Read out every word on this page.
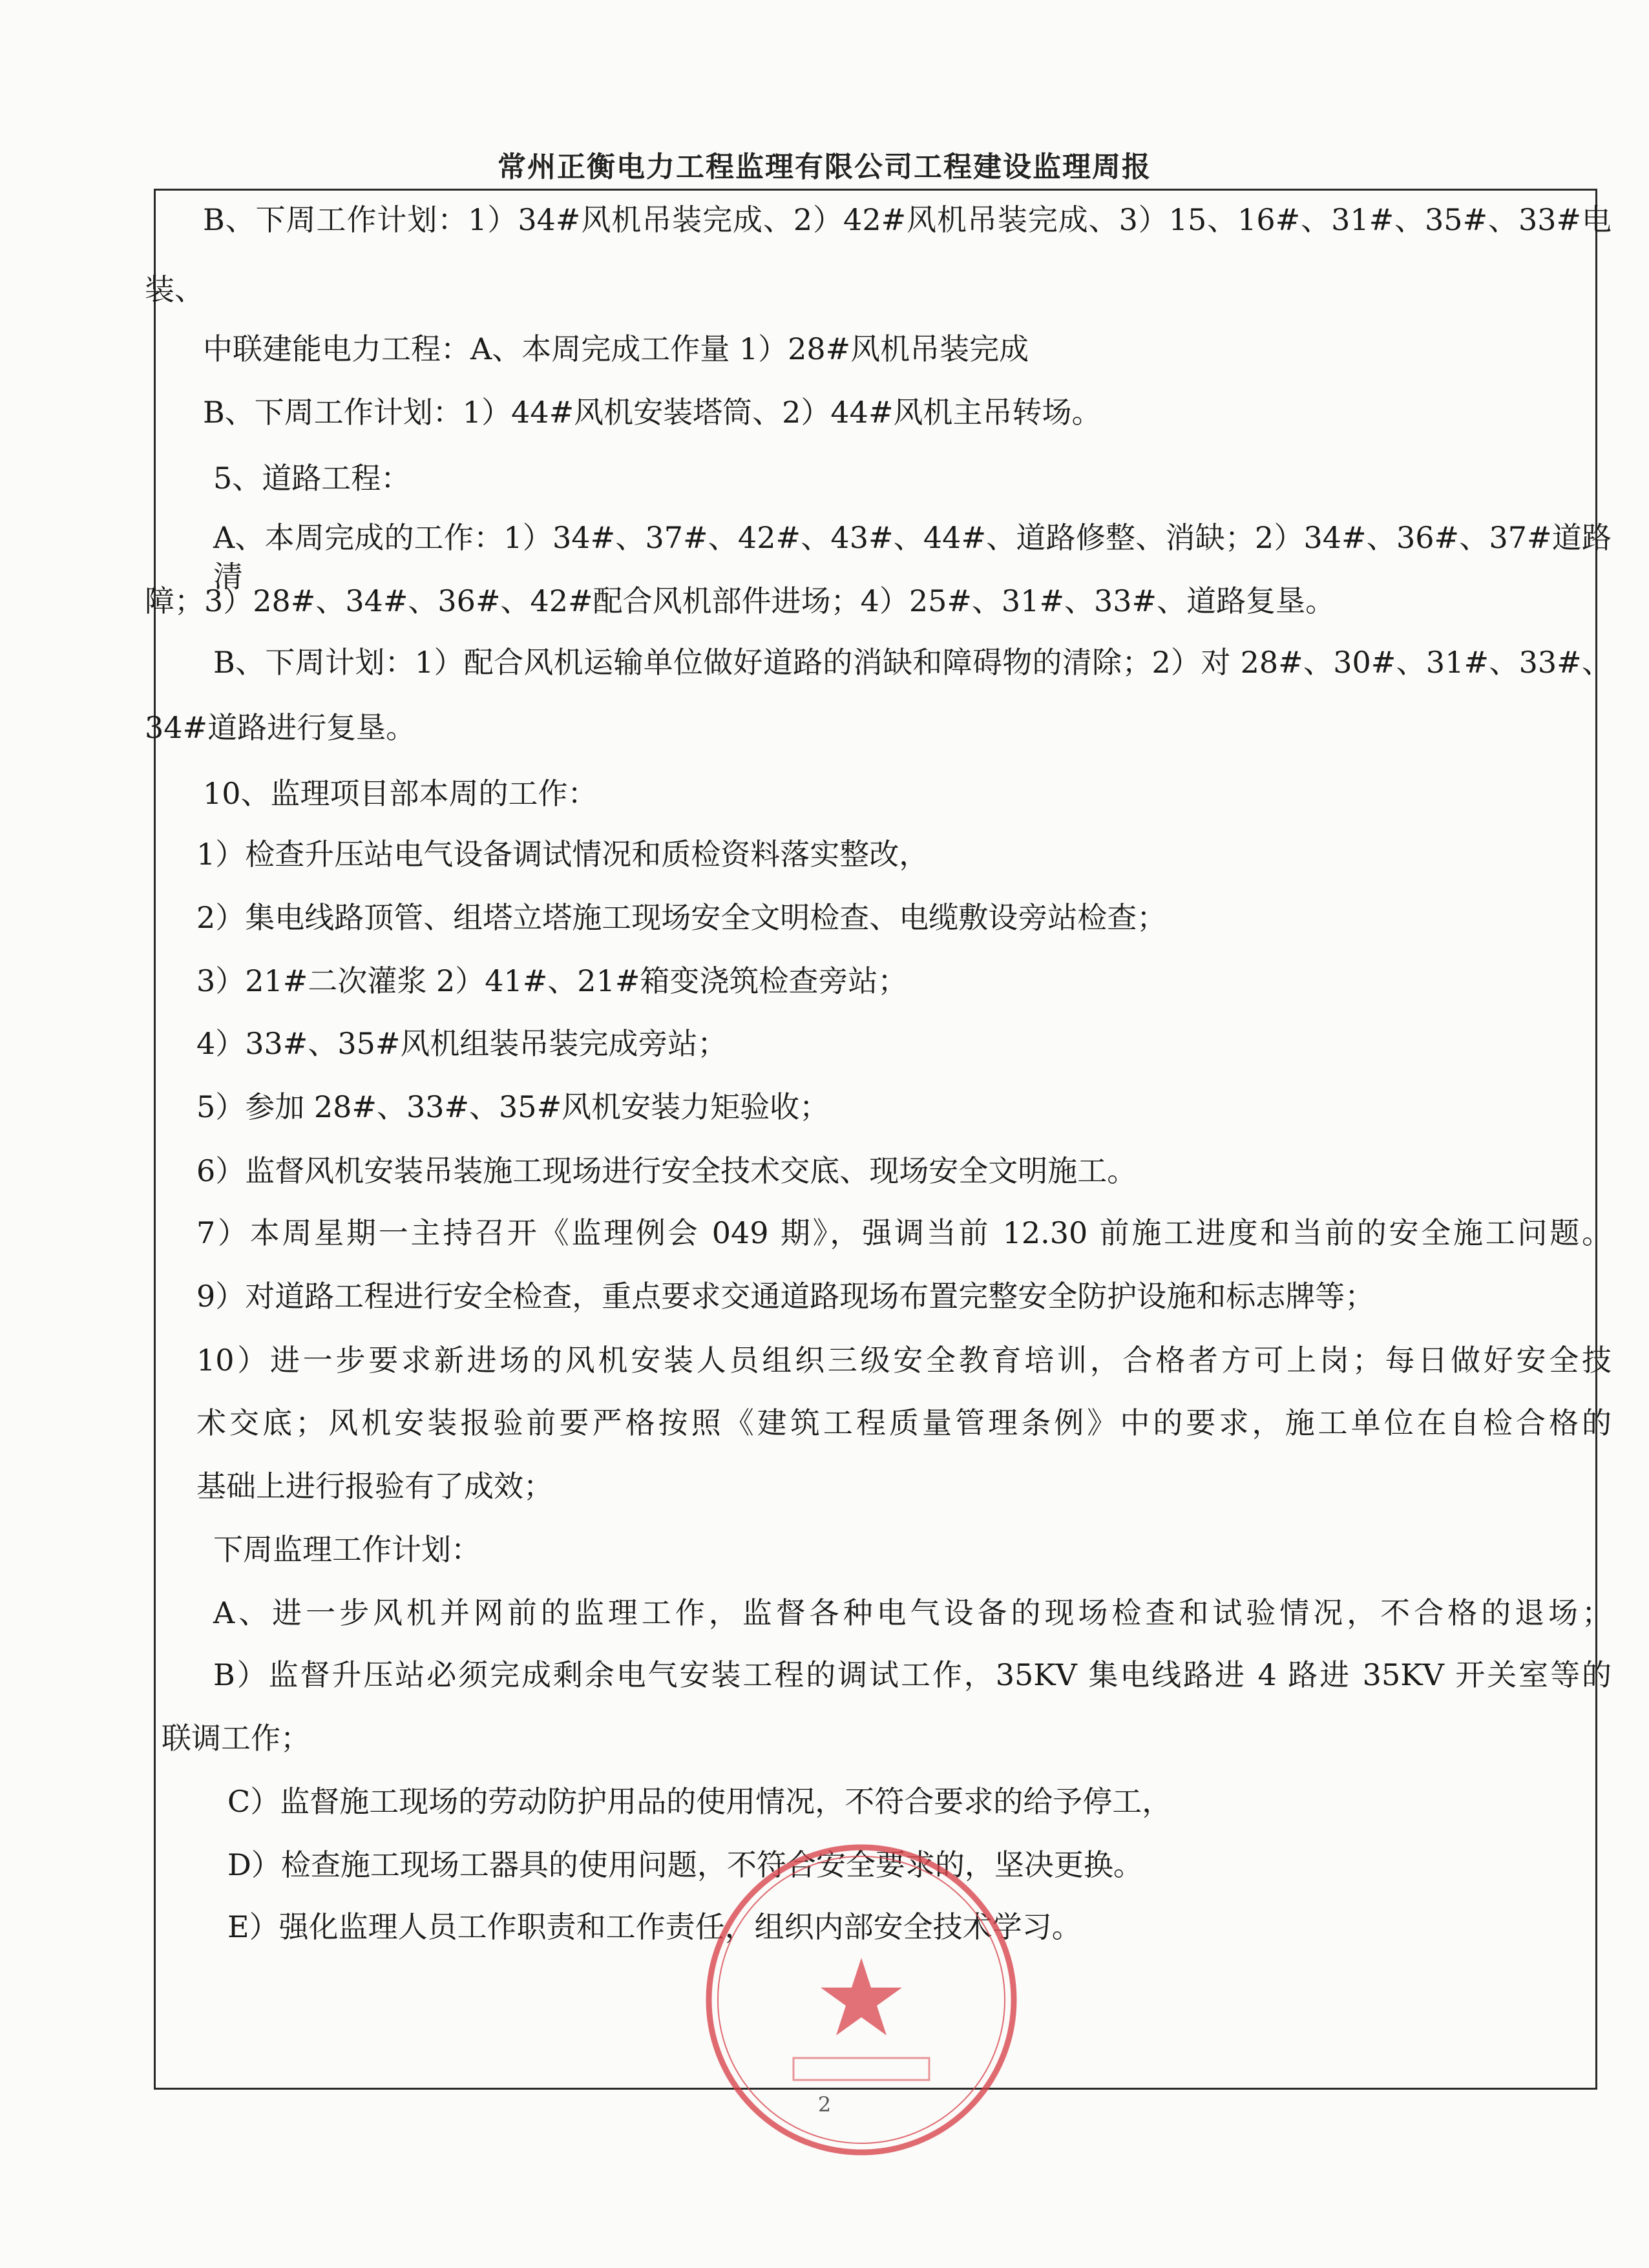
常州正衡电力工程监理有限公司工程建设监理周报
B、下周工作计划：1）34#风机吊装完成、2）42#风机吊装完成、3）15、16#、31#、35#、33#电
装、
中联建能电力工程：A、本周完成工作量 1）28#风机吊装完成
B、下周工作计划：1）44#风机安装塔筒、2）44#风机主吊转场。
5、道路工程：
A、本周完成的工作：1）34#、37#、42#、43#、44#、道路修整、消缺；2）34#、36#、37#道路清
障；3）28#、34#、36#、42#配合风机部件进场；4）25#、31#、33#、道路复垦。
B、下周计划：1）配合风机运输单位做好道路的消缺和障碍物的清除；2）对 28#、30#、31#、33#、
34#道路进行复垦。
10、监理项目部本周的工作：
1）检查升压站电气设备调试情况和质检资料落实整改，
2）集电线路顶管、组塔立塔施工现场安全文明检查、电缆敷设旁站检查；
3）21#二次灌浆 2）41#、21#箱变浇筑检查旁站；
4）33#、35#风机组装吊装完成旁站；
5）参加 28#、33#、35#风机安装力矩验收；
6）监督风机安装吊装施工现场进行安全技术交底、现场安全文明施工。
7）本周星期一主持召开《监理例会 049 期》，强调当前 12.30 前施工进度和当前的安全施工问题。
9）对道路工程进行安全检查，重点要求交通道路现场布置完整安全防护设施和标志牌等；
10）进一步要求新进场的风机安装人员组织三级安全教育培训，合格者方可上岗；每日做好安全技
术交底；风机安装报验前要严格按照《建筑工程质量管理条例》中的要求，施工单位在自检合格的
基础上进行报验有了成效；
下周监理工作计划：
A、进一步风机并网前的监理工作，监督各种电气设备的现场检查和试验情况，不合格的退场；
B）监督升压站必须完成剩余电气安装工程的调试工作，35KV 集电线路进 4 路进 35KV 开关室等的
联调工作；
C）监督施工现场的劳动防护用品的使用情况，不符合要求的给予停工，
D）检查施工现场工器具的使用问题，不符合安全要求的，坚决更换。
E）强化监理人员工作职责和工作责任，组织内部安全技术学习。
2
